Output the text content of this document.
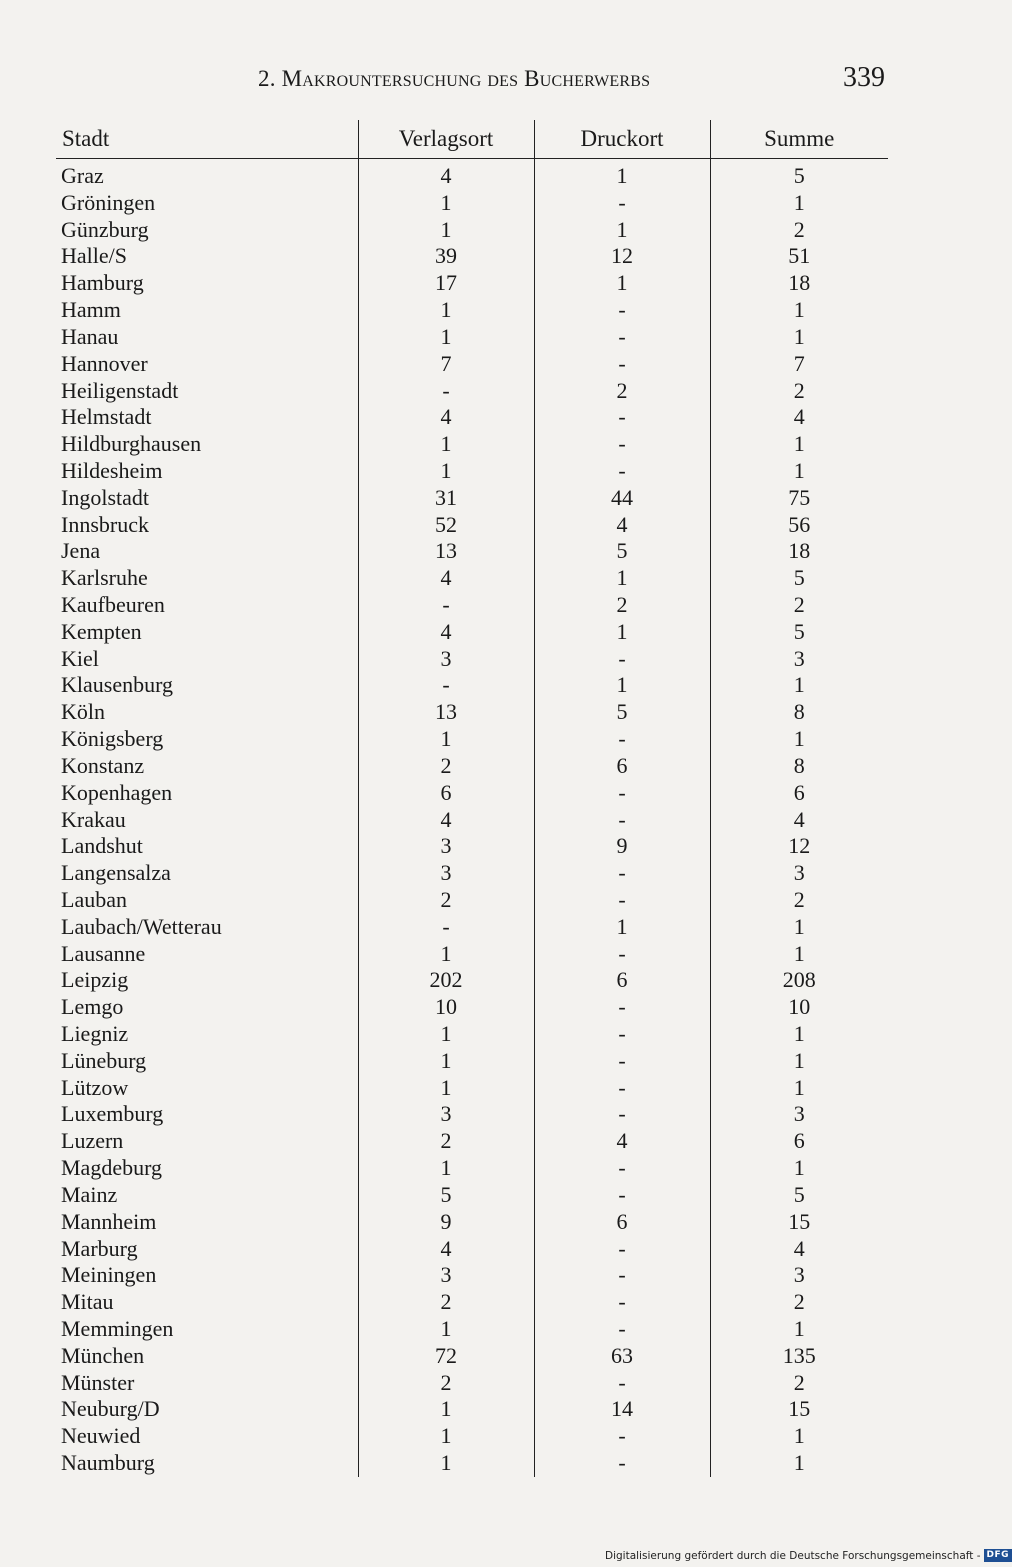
2. Makrountersuchung des Bucherwerbs	339
Stadt	Verlagsort	Druckort	Summe
Graz	4	1	5
Gröningen	1	-	1
Günzburg	1	1	2
Halle/S	39	12	51
Hamburg	17	1	18
Hamm	1	-	1
Hanau	1	-	1
Hannover	7	-	7
Heiligenstadt	-	2	2
Helmstadt	4	-	4
Hildburghausen	1	-	1
Hildesheim	1	-	1
Ingolstadt	31	44	75
Innsbruck	52	4	56
Jena	13	5	18
Karlsruhe	4	1	5
Kaufbeuren	-	2	2
Kempten	4	1	5
Kiel	3	-	3
Klausenburg	-	1	1
Köln	13	5	8
Königsberg	1	-	1
Konstanz	2	6	8
Kopenhagen	6	-	6
Krakau	4	-	4
Landshut	3	9	12
Langensalza	3	-	3
Lauban	2	-	2
Laubach/Wetterau	-	1	1
Lausanne	1	-	1
Leipzig	202	6	208
Lemgo	10	-	10
Liegniz	1	-	1
Lüneburg	1	-	1
Lützow	1	-	1
Luxemburg	3	-	3
Luzern	2	4	6
Magdeburg	1	-	1
Mainz	5	-	5
Mannheim	9	6	15
Marburg	4	-	4
Meiningen	3	-	3
Mitau	2	-	2
Memmingen	1	-	1
München	72	63	135
Münster	2	-	2
Neuburg/D	1	14	15
Neuwied	1	-	1
Naumburg	1	-	1
Digitalisierung gefördert durch die Deutsche Forschungsgemeinschaft - DFG
